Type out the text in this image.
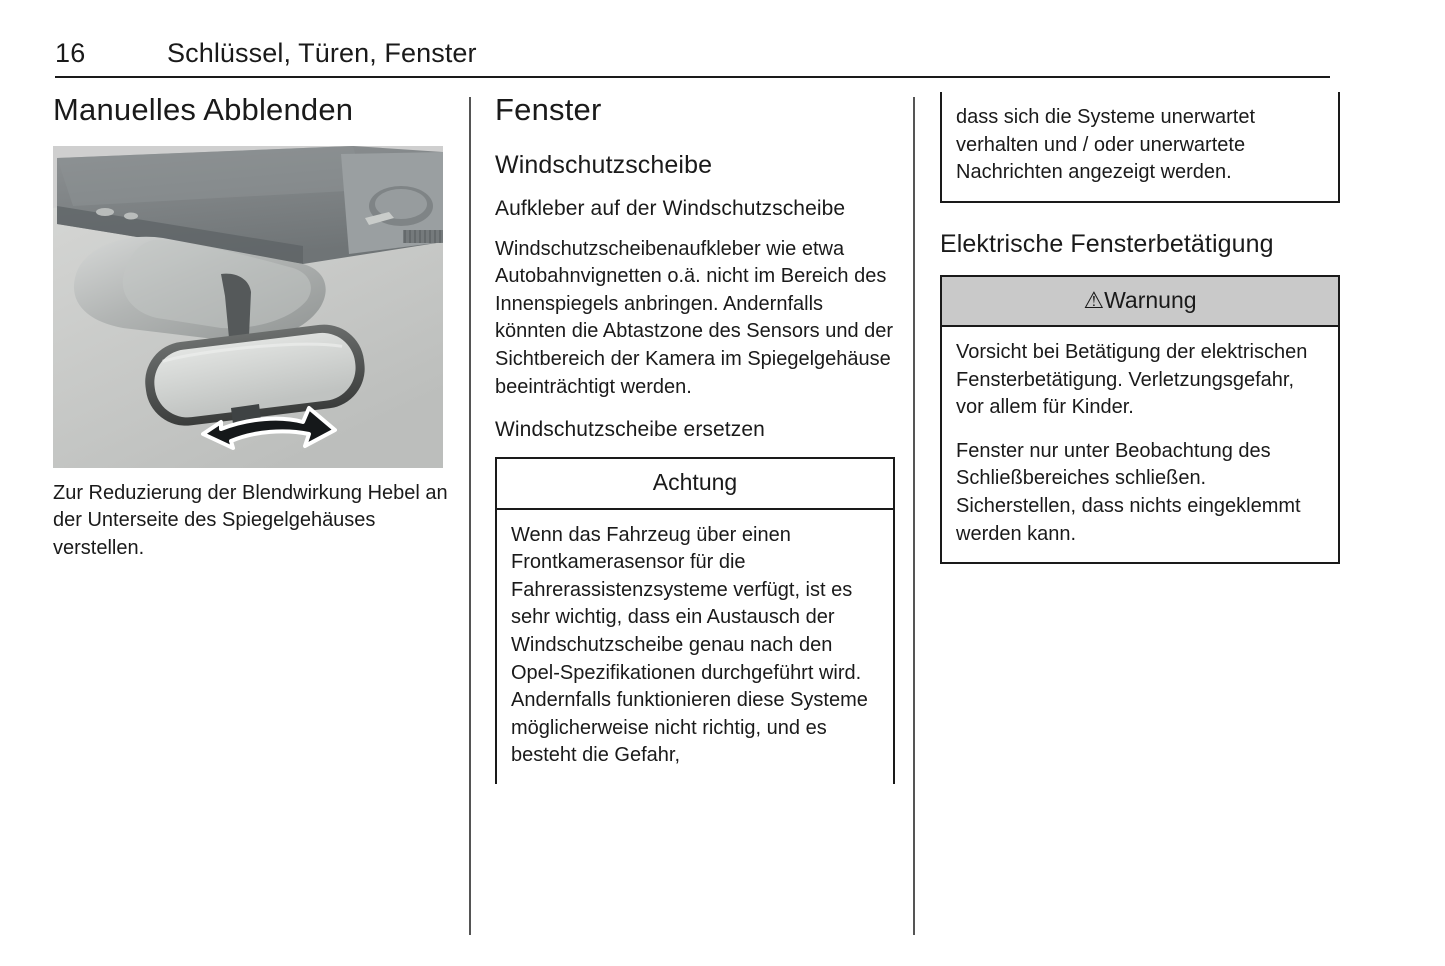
16	Schlüssel, Türen, Fenster
Manuelles Abblenden

Zur Reduzierung der Blendwirkung Hebel an der Unterseite des Spiegelgehäuses verstellen.

Fenster
Windschutzscheibe
Aufkleber auf der Windschutzscheibe

Windschutzscheibenaufkleber wie etwa Autobahnvignetten o.ä. nicht im Bereich des Innenspiegels anbringen. Andernfalls könnten die Abtastzone des Sensors und der Sichtbereich der Kamera im Spiegelgehäuse beeinträchtigt werden.

Windschutzscheibe ersetzen
Achtung

Wenn das Fahrzeug über einen Frontkamerasensor für die Fahrerassistenzsysteme verfügt, ist es sehr wichtig, dass ein Austausch der Windschutzscheibe genau nach den Opel-Spezifikationen durchgeführt wird. Andernfalls funktionieren diese Systeme möglicherweise nicht richtig, und es besteht die Gefahr,

dass sich die Systeme unerwartet verhalten und / oder unerwartete Nachrichten angezeigt werden.

Elektrische Fensterbetätigung
⚠Warnung

Vorsicht bei Betätigung der elektrischen Fensterbetätigung. Verletzungsgefahr, vor allem für Kinder.

Fenster nur unter Beobachtung des Schließbereiches schließen. Sicherstellen, dass nichts eingeklemmt werden kann.
